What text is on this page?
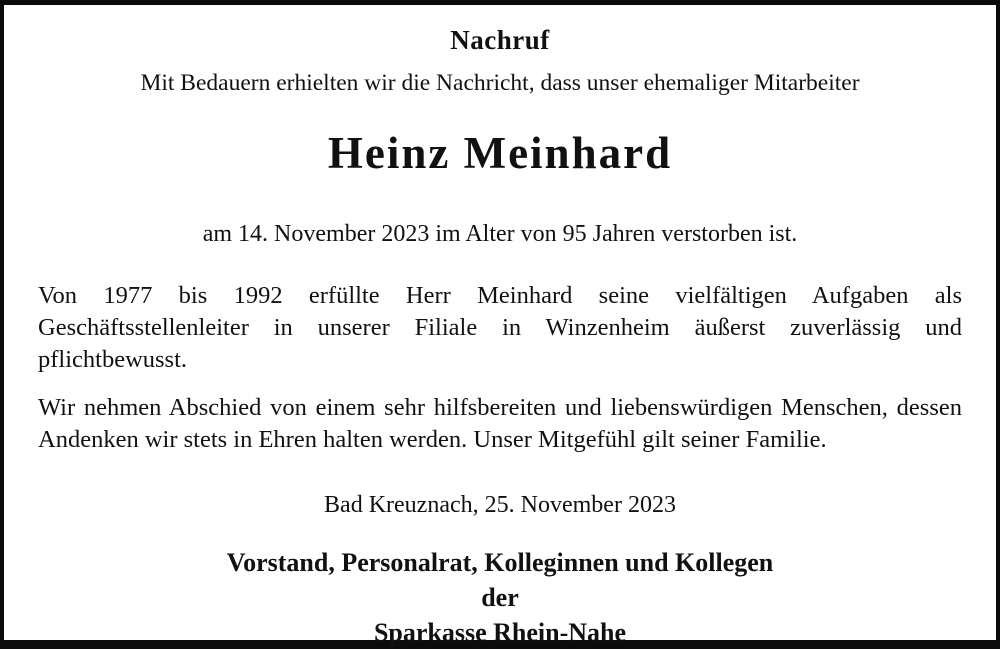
Nachruf
Mit Bedauern erhielten wir die Nachricht, dass unser ehemaliger Mitarbeiter
Heinz Meinhard
am 14. November 2023 im Alter von 95 Jahren verstorben ist.
Von 1977 bis 1992 erfüllte Herr Meinhard seine vielfältigen Aufgaben als Geschäftsstellenleiter in unserer Filiale in Winzenheim äußerst zuverlässig und pflichtbewusst.
Wir nehmen Abschied von einem sehr hilfsbereiten und liebenswürdigen Menschen, dessen Andenken wir stets in Ehren halten werden. Unser Mitgefühl gilt seiner Familie.
Bad Kreuznach, 25. November 2023
Vorstand, Personalrat, Kolleginnen und Kollegen
der
Sparkasse Rhein-Nahe
